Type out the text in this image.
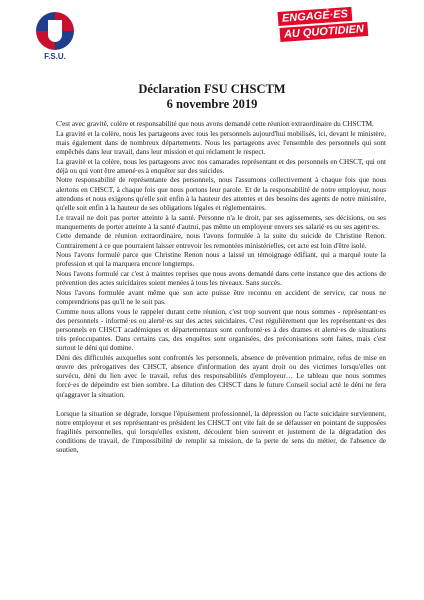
F.S.U.
ENGAGÉ·ES
AU QUOTIDIEN
Déclaration FSU CHSCTM
6 novembre 2019

C'est avec gravité, colère et responsabilité que nous avons demandé cette réunion extraordinaire du CHSCTM.

La gravité et la colère, nous les partageons avec tous les personnels aujourd'hui mobilisés, ici, devant le ministère, mais également dans de nombreux départements. Nous les partageons avec l'ensemble des personnels qui sont empêchés dans leur travail, dans leur mission et qui réclament le respect.

La gravité et la colère, nous les partageons avec nos camarades représentant et des personnels en CHSCT, qui ont déjà ou qui vont être amené·es à enquêter sur des suicides.

Notre responsabilité de représentante des personnels, nous l'assumons collectivement à chaque fois que nous alertons en CHSCT, à chaque fois que nous portons leur parole. Et de la responsabilité de notre employeur, nous attendons et nous exigeons qu'elle soit enfin à la hauteur des attentes et des besoins des agents de notre ministère, qu'elle soit enfin à la hauteur de ses obligations légales et réglementaires.

Le travail ne doit pas porter atteinte à la santé. Personne n'a le droit, par ses agissements, ses décisions, ou ses manquements de porter atteinte à la santé d'autrui, pas même un employeur envers ses salarié·es ou ses agent·es.

Cette demande de réunion extraordinaire, nous l'avons formulée à la suite du suicide de Christine Renon. Contrairement à ce que pourraient laisser entrevoir les remontées ministérielles, cet acte est loin d'être isolé.

Nous l'avons formulé parce que Christine Renon nous a laissé un témoignage édifiant, qui a marqué toute la profession et qui la marquera encore longtemps.

Nous l'avons formulé car c'est à maintes reprises que nous avons demandé dans cette instance que des actions de prévention des actes suicidaires soient menées à tous les niveaux. Sans succès.

Nous l'avons formulée avant même que son acte puisse être reconnu en accident de service, car nous ne comprendrions pas qu'il ne le soit pas.

Comme nous allons vous le rappeler durant cette réunion, c'est trop souvent que nous sommes - représentant·es des personnels - informé·es ou alerté·es sur des actes suicidaires. C'est régulièrement que les représentant·es des personnels en CHSCT académiques et départementaux sont confronté·es à des drames et alerté·es de situations très préoccupantes. Dans certains cas, des enquêtes sont organisées, des préconisations sont faites, mais c'est surtout le déni qui domine.

Déni des difficultés auxquelles sont confrontés les personnels, absence de prévention primaire, refus de mise en œuvre des prérogatives des CHSCT, absence d'information des ayant droit ou des victimes lorsqu'elles ont survécu, déni du lien avec le travail, refus des responsabilités d'employeur… Le tableau que nous sommes forcé·es de dépeindre est bien sombre. La dilution des CHSCT dans le future Conseil social acté le déni ne fera qu'aggraver la situation.

Lorsque la situation se dégrade, lorsque l'épuisement professionnel, la dépression ou l'acte suicidaire surviennent, notre employeur et ses représentant·es président les CHSCT ont vite fait de se défausser en pointant de supposées fragilités personnelles, qui lorsqu'elles existent, découlent bien souvent et justement de la dégradation des conditions de travail, de l'impossibilité de remplir sa mission, de la perte de sens du métier, de l'absence de soutien,
